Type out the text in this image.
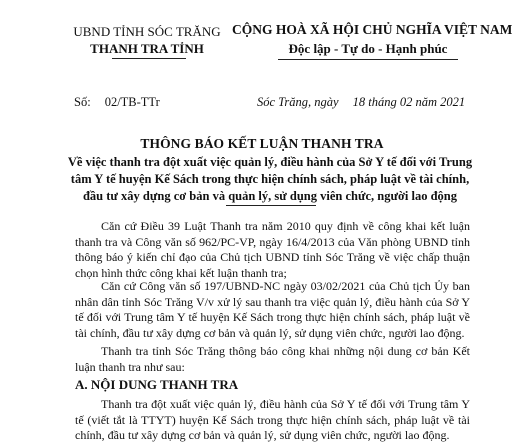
UBND TỈNH SÓC TRĂNG
THANH TRA TỈNH
CỘNG HOÀ XÃ HỘI CHỦ NGHĨA VIỆT NAM
Độc lập - Tự do - Hạnh phúc
Số: 02/TB-TTr	Sóc Trăng, ngày 18 tháng 02 năm 2021
THÔNG BÁO KẾT LUẬN THANH TRA
Về việc thanh tra đột xuất việc quản lý, điều hành của Sở Y tế đối với Trung tâm Y tế huyện Kế Sách trong thực hiện chính sách, pháp luật về tài chính, đầu tư xây dựng cơ bản và quản lý, sử dụng viên chức, người lao động
Căn cứ Điều 39 Luật Thanh tra năm 2010 quy định về công khai kết luận thanh tra và Công văn số 962/PC-VP, ngày 16/4/2013 của Văn phòng UBND tỉnh thông báo ý kiến chỉ đạo của Chủ tịch UBND tỉnh Sóc Trăng về việc chấp thuận chọn hình thức công khai kết luận thanh tra;
Căn cứ Công văn số 197/UBND-NC ngày 03/02/2021 của Chủ tịch Ủy ban nhân dân tỉnh Sóc Trăng V/v xử lý sau thanh tra việc quản lý, điều hành của Sở Y tế đối với Trung tâm Y tế huyện Kế Sách trong thực hiện chính sách, pháp luật về tài chính, đầu tư xây dựng cơ bản và quản lý, sử dụng viên chức, người lao động.
Thanh tra tỉnh Sóc Trăng thông báo công khai những nội dung cơ bản Kết luận thanh tra như sau:
A. NỘI DUNG THANH TRA
Thanh tra đột xuất việc quản lý, điều hành của Sở Y tế đối với Trung tâm Y tế (viết tắt là TTYT) huyện Kế Sách trong thực hiện chính sách, pháp luật về tài chính, đầu tư xây dựng cơ bản và quản lý, sử dụng viên chức, người lao động.
